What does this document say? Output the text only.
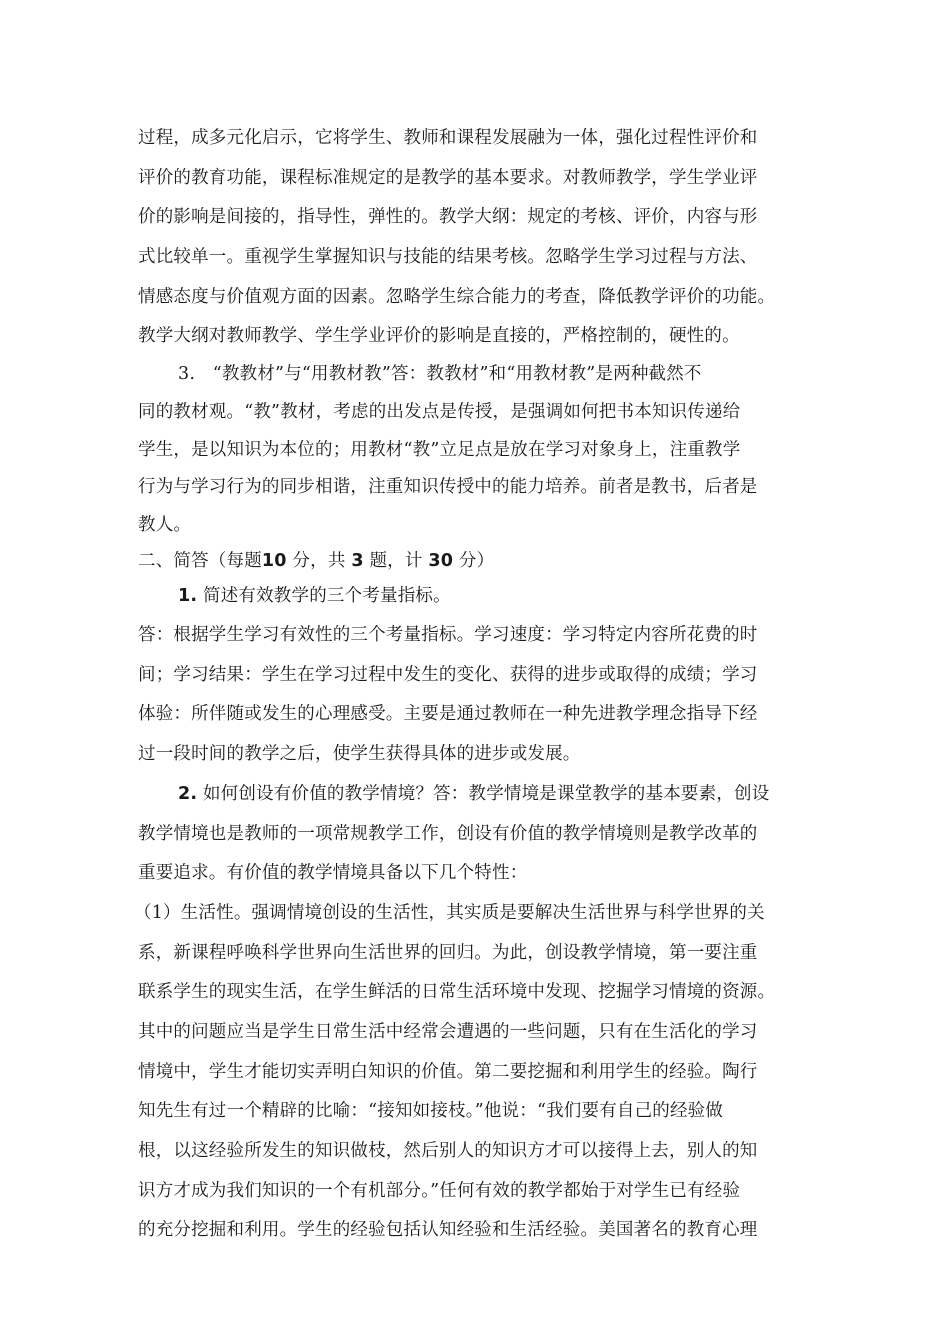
过程，成多元化启示，它将学生、教师和课程发展融为一体，强化过程性评价和
评价的教育功能，课程标准规定的是教学的基本要求。对教师教学，学生学业评
价的影响是间接的，指导性，弹性的。教学大纲：规定的考核、评价，内容与形
式比较单一。重视学生掌握知识与技能的结果考核。忽略学生学习过程与方法、
情感态度与价值观方面的因素。忽略学生综合能力的考查，降低教学评价的功能。
教学大纲对教师教学、学生学业评价的影响是直接的，严格控制的，硬性的。
3.　“教教材”与“用教材教”答：教教材”和“用教材教”是两种截然不
同的教材观。“教”教材，考虑的出发点是传授，是强调如何把书本知识传递给
学生，是以知识为本位的；用教材“教”立足点是放在学习对象身上，注重教学
行为与学习行为的同步相谐，注重知识传授中的能力培养。前者是教书，后者是
教人。
二、简答（每题10 分，共 3 题，计 30 分）
1. 简述有效教学的三个考量指标。
答：根据学生学习有效性的三个考量指标。学习速度：学习特定内容所花费的时
间；学习结果：学生在学习过程中发生的变化、获得的进步或取得的成绩；学习
体验：所伴随或发生的心理感受。主要是通过教师在一种先进教学理念指导下经
过一段时间的教学之后，使学生获得具体的进步或发展。
2. 如何创设有价值的教学情境？答：教学情境是课堂教学的基本要素，创设
教学情境也是教师的一项常规教学工作，创设有价值的教学情境则是教学改革的
重要追求。有价值的教学情境具备以下几个特性：
（1）生活性。强调情境创设的生活性，其实质是要解决生活世界与科学世界的关
系，新课程呼唤科学世界向生活世界的回归。为此，创设教学情境，第一要注重
联系学生的现实生活，在学生鲜活的日常生活环境中发现、挖掘学习情境的资源。
其中的问题应当是学生日常生活中经常会遭遇的一些问题，只有在生活化的学习
情境中，学生才能切实弄明白知识的价值。第二要挖掘和利用学生的经验。陶行
知先生有过一个精辟的比喻：“接知如接枝。”他说：“我们要有自己的经验做
根，以这经验所发生的知识做枝，然后别人的知识方才可以接得上去，别人的知
识方才成为我们知识的一个有机部分。”任何有效的教学都始于对学生已有经验
的充分挖掘和利用。学生的经验包括认知经验和生活经验。美国著名的教育心理
